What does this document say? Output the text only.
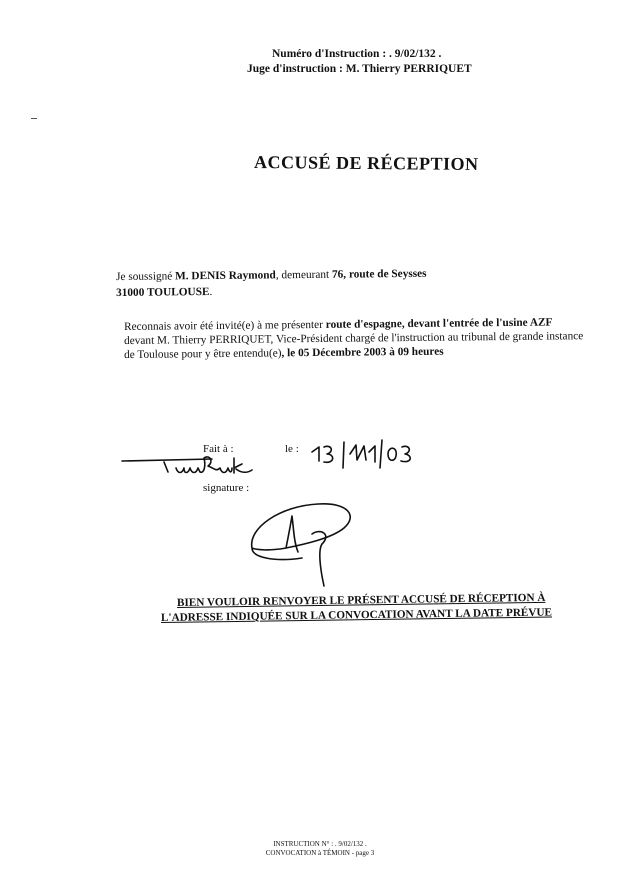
Numéro d'Instruction : . 9/02/132 .
Juge d'instruction : M. Thierry PERRIQUET
ACCUSÉ DE RÉCEPTION
Je soussigné M. DENIS Raymond, demeurant 76, route de Seysses
31000 TOULOUSE.
Reconnais avoir été invité(e) à me présenter route d'espagne, devant l'entrée de l'usine AZF
devant M. Thierry PERRIQUET, Vice-Président chargé de l'instruction au tribunal de grande instance
de Toulouse pour y être entendu(e), le 05 Décembre 2003 à 09 heures
Fait à :	le :
signature :
BIEN VOULOIR RENVOYER LE PRÉSENT ACCUSÉ DE RÉCEPTION À
L'ADRESSE INDIQUÉE SUR LA CONVOCATION AVANT LA DATE PRÉVUE
INSTRUCTION N° : . 9/02/132 .
CONVOCATION à TÉMOIN - page 3
